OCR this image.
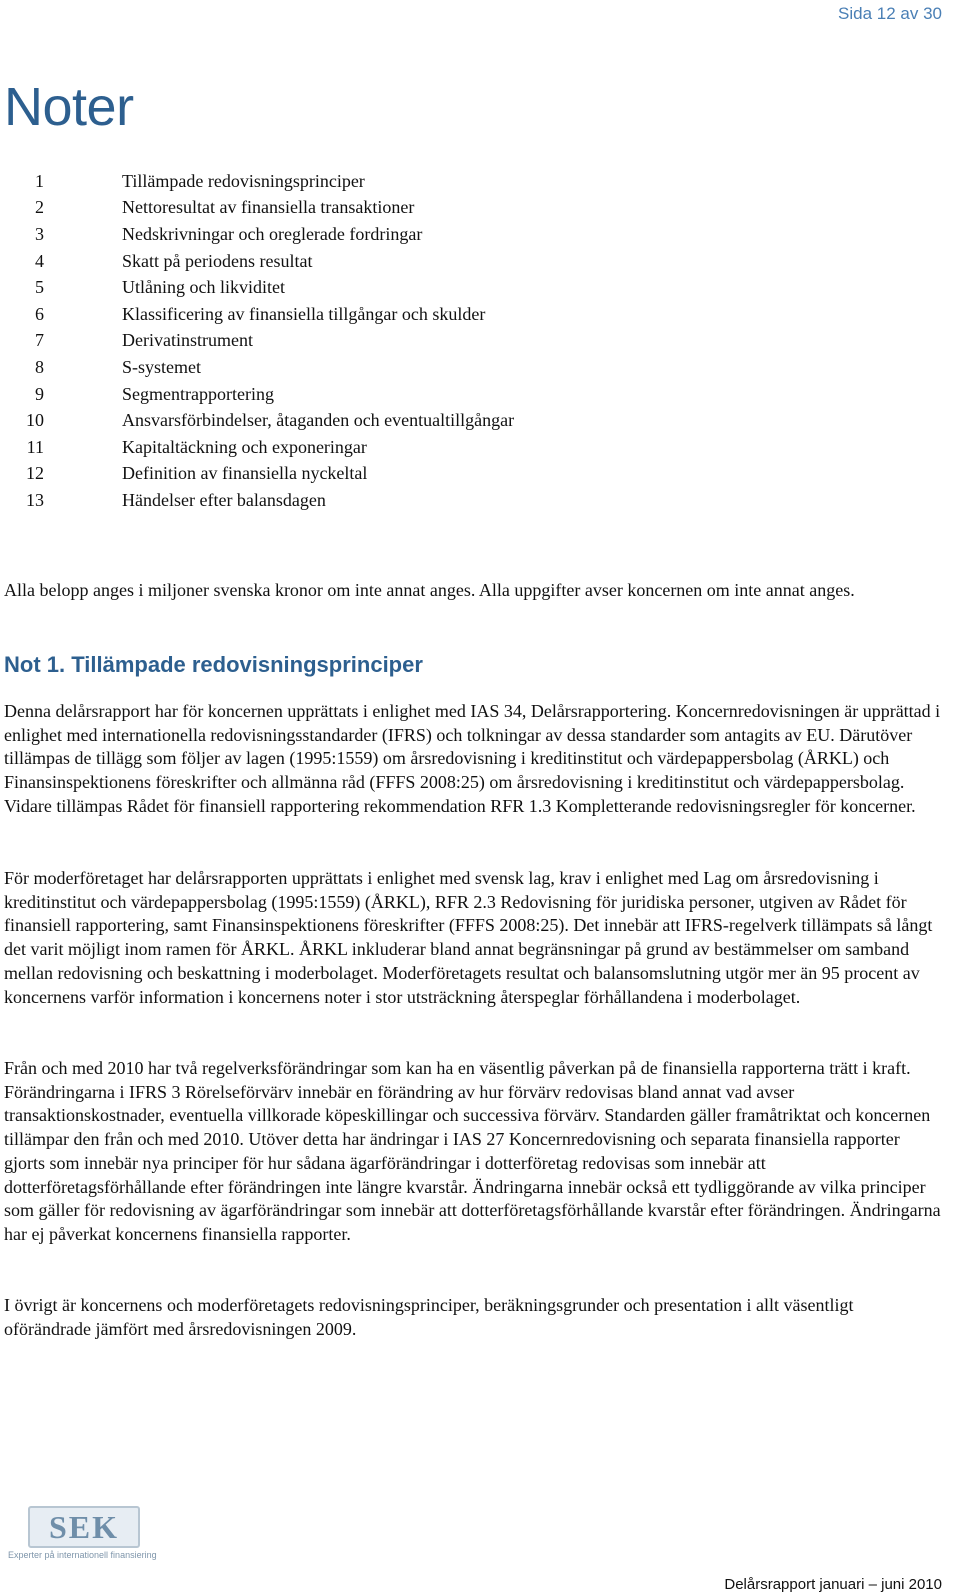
Sida 12 av 30
Noter
1	Tillämpade redovisningsprinciper
2	Nettoresultat av finansiella transaktioner
3	Nedskrivningar och oreglerade fordringar
4	Skatt på periodens resultat
5	Utlåning och likviditet
6	Klassificering av finansiella tillgångar och skulder
7	Derivatinstrument
8	S-systemet
9	Segmentrapportering
10	Ansvarsförbindelser, åtaganden och eventualtillgångar
11	Kapitaltäckning och exponeringar
12	Definition av finansiella nyckeltal
13	Händelser efter balansdagen

Alla belopp anges i miljoner svenska kronor om inte annat anges. Alla uppgifter avser koncernen om inte annat anges.

Not 1. Tillämpade redovisningsprinciper

Denna delårsrapport har för koncernen upprättats i enlighet med IAS 34, Delårsrapportering. Koncernredovisningen är upprättad i enlighet med internationella redovisningsstandarder (IFRS) och tolkningar av dessa standarder som antagits av EU. Därutöver tillämpas de tillägg som följer av lagen (1995:1559) om årsredovisning i kreditinstitut och värdepappersbolag (ÅRKL) och Finansinspektionens föreskrifter och allmänna råd (FFFS 2008:25) om årsredovisning i kreditinstitut och värdepappersbolag. Vidare tillämpas Rådet för finansiell rapportering rekommendation RFR 1.3 Kompletterande redovisningsregler för koncerner.

För moderföretaget har delårsrapporten upprättats i enlighet med svensk lag, krav i enlighet med Lag om årsredovisning i kreditinstitut och värdepappersbolag (1995:1559) (ÅRKL), RFR 2.3 Redovisning för juridiska personer, utgiven av Rådet för finansiell rapportering, samt Finansinspektionens föreskrifter (FFFS 2008:25). Det innebär att IFRS-regelverk tillämpats så långt det varit möjligt inom ramen för ÅRKL. ÅRKL inkluderar bland annat begränsningar på grund av bestämmelser om samband mellan redovisning och beskattning i moderbolaget. Moderföretagets resultat och balansomslutning utgör mer än 95 procent av koncernens varför information i koncernens noter i stor utsträckning återspeglar förhållandena i moderbolaget.

Från och med 2010 har två regelverksförändringar som kan ha en väsentlig påverkan på de finansiella rapporterna trätt i kraft. Förändringarna i IFRS 3 Rörelseförvärv innebär en förändring av hur förvärv redovisas bland annat vad avser transaktionskostnader, eventuella villkorade köpeskillingar och successiva förvärv. Standarden gäller framåtriktat och koncernen tillämpar den från och med 2010. Utöver detta har ändringar i IAS 27 Koncernredovisning och separata finansiella rapporter gjorts som innebär nya principer för hur sådana ägarförändringar i dotterföretag redovisas som innebär att dotterföretagsförhållande efter förändringen inte längre kvarstår. Ändringarna innebär också ett tydliggörande av vilka principer som gäller för redovisning av ägarförändringar som innebär att dotterföretagsförhållande kvarstår efter förändringen. Ändringarna har ej påverkat koncernens finansiella rapporter.

I övrigt är koncernens och moderföretagets redovisningsprinciper, beräkningsgrunder och presentation i allt väsentligt oförändrade jämfört med årsredovisningen 2009.

SEK
Experter på internationell finansiering
Delårsrapport januari – juni 2010
